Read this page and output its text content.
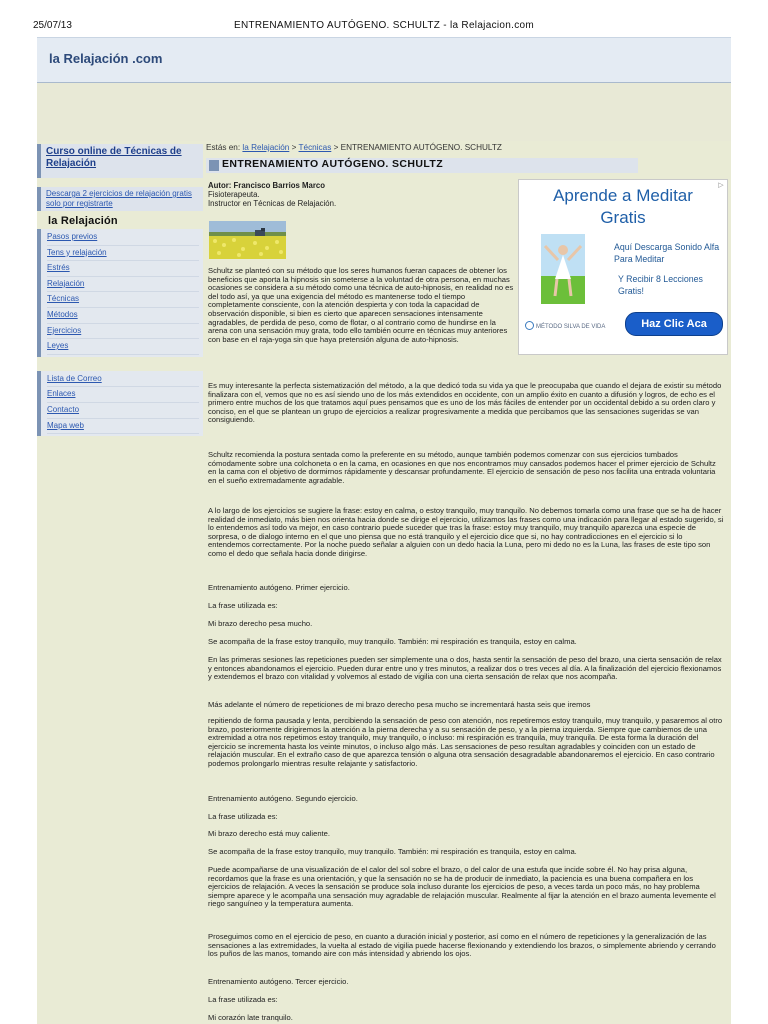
25/07/13	ENTRENAMIENTO AUTÓGENO. SCHULTZ - la Relajacion.com
la Relajación .com
Curso online de Técnicas de Relajación
Descarga 2 ejercicios de relajación gratis solo por registrarte
la Relajación
Pasos previos
Tens y relajación
Estrés
Relajación
Técnicas
Métodos
Ejercicios
Leyes
Lista de Correo
Enlaces
Contacto
Mapa web
Estás en: la Relajación > Técnicas > ENTRENAMIENTO AUTÓGENO. SCHULTZ
ENTRENAMIENTO AUTÓGENO. SCHULTZ
Autor: Francisco Barrios Marco
Fisioterapeuta.
Instructor en Técnicas de Relajación.
▷
Aprende a Meditar
Gratis
Aquí Descarga Sonido Alfa Para Meditar
Y Recibir 8 Lecciones Gratis!
MÉTODO SILVA DE VIDA	Haz Clic Aca

Schultz se planteó con su método que los seres humanos fueran capaces de obtener los beneficios que aporta la hipnosis sin someterse a la voluntad de otra persona, en muchas ocasiones se considera a su método como una técnica de auto-hipnosis, en realidad no es del todo así, ya que una exigencia del método es mantenerse todo el tiempo completamente consciente, con la atención despierta y con toda la capacidad de observación disponible, si bien es cierto que aparecen sensaciones intensamente agradables, de perdida de peso, como de flotar, o al contrario como de hundirse en la arena con una sensación muy grata, todo ello también ocurre en técnicas muy anteriores con base en el raja-yoga sin que haya pretensión alguna de auto-hipnosis.

Es muy interesante la perfecta sistematización del método, a la que dedicó toda su vida ya que le preocupaba que cuando el dejara de existir su método finalizara con el, vemos que no es así siendo uno de los más extendidos en occidente, con un amplio éxito en cuanto a difusión y logros, de echo es el primero entre muchos de los que tratamos aquí pues pensamos que es uno de los más fáciles de entender por un occidental debido a su orden claro y conciso, en el que se plantean un grupo de ejercicios a realizar progresivamente a medida que percibamos que las sensaciones sugeridas se van consiguiendo.

Schultz recomienda la postura sentada como la preferente en su método, aunque también podemos comenzar con sus ejercicios tumbados cómodamente sobre una colchoneta o en la cama, en ocasiones en que nos encontramos muy cansados podemos hacer el primer ejercicio de Schultz en la cama con el objetivo de dormirnos rápidamente y descansar profundamente. El ejercicio de sensación de peso nos facilita una entrada voluntaria en el sueño extremadamente agradable.

A lo largo de los ejercicios se sugiere la frase: estoy en calma, o estoy tranquilo, muy tranquilo. No debemos tomarla como una frase que se ha de hacer realidad de inmediato, más bien nos orienta hacia donde se dirige el ejercicio, utilizamos las frases como una indicación para llegar al estado sugerido, si lo entendemos así todo va mejor, en caso contrario puede suceder que tras la frase: estoy muy tranquilo, muy tranquilo aparezca una especie de sorpresa, o de dialogo interno en el que uno piensa que no está tranquilo y el ejercicio dice que si, no hay contradicciones en el ejercicio si lo entendemos correctamente. Por la noche puedo señalar a alguien con un dedo hacia la Luna, pero mi dedo no es la Luna, las frases de este tipo son como el dedo que señala hacia donde dirigirse.

Entrenamiento autógeno. Primer ejercicio.

La frase utilizada es:

Mi brazo derecho pesa mucho.

Se acompaña de la frase estoy tranquilo, muy tranquilo. También: mi respiración es tranquila, estoy en calma.

En las primeras sesiones las repeticiones pueden ser simplemente una o dos, hasta sentir la sensación de peso del brazo, una cierta sensación de relax y entonces abandonamos el ejercicio. Pueden durar entre uno y tres minutos, a realizar dos o tres veces al día. A la finalización del ejercicio flexionamos y extendemos el brazo con vitalidad y volvemos al estado de vigilia con una cierta sensación de relax que nos acompaña.

Más adelante el número de repeticiones de mi brazo derecho pesa mucho se incrementará hasta seis que iremos

repitiendo de forma pausada y lenta, percibiendo la sensación de peso con atención, nos repetiremos estoy tranquilo, muy tranquilo, y pasaremos al otro brazo, posteriormente dirigiremos la atención a la pierna derecha y a su sensación de peso, y a la pierna izquierda. Siempre que cambiemos de una extremidad a otra nos repetimos estoy tranquilo, muy tranquilo, o incluso: mi respiración es tranquila, muy tranquila. De esta forma la duración del ejercicio se incrementa hasta los veinte minutos, o incluso algo más. Las sensaciones de peso resultan agradables y coinciden con un estado de relajación muscular. En el extraño caso de que aparezca tensión o alguna otra sensación desagradable abandonaremos el ejercicio. En caso contrario podemos prolongarlo mientras resulte relajante y satisfactorio.

Entrenamiento autógeno. Segundo ejercicio.

La frase utilizada es:

Mi brazo derecho está muy caliente.

Se acompaña de la frase estoy tranquilo, muy tranquilo. También: mi respiración es tranquila, estoy en calma.

Puede acompañarse de una visualización de el calor del sol sobre el brazo, o del calor de una estufa que incide sobre él. No hay prisa alguna, recordamos que la frase es una orientación, y que la sensación no se ha de producir de inmediato, la paciencia es una buena compañera en los ejercicios de relajación. A veces la sensación se produce sola incluso durante los ejercicios de peso, a veces tarda un poco más, no hay problema siempre aparece y le acompaña una sensación muy agradable de relajación muscular. Realmente al fijar la atención en el brazo aumenta levemente el riego sanguíneo y la temperatura aumenta.

Proseguimos como en el ejercicio de peso, en cuanto a duración inicial y posterior, así como en el número de repeticiones y la generalización de las sensaciones a las extremidades, la vuelta al estado de vigilia puede hacerse flexionando y extendiendo los brazos, o simplemente abriendo y cerrando los puños de las manos, tomando aire con más intensidad y abriendo los ojos.

Entrenamiento autógeno. Tercer ejercicio.

La frase utilizada es:

Mi corazón late tranquilo.
